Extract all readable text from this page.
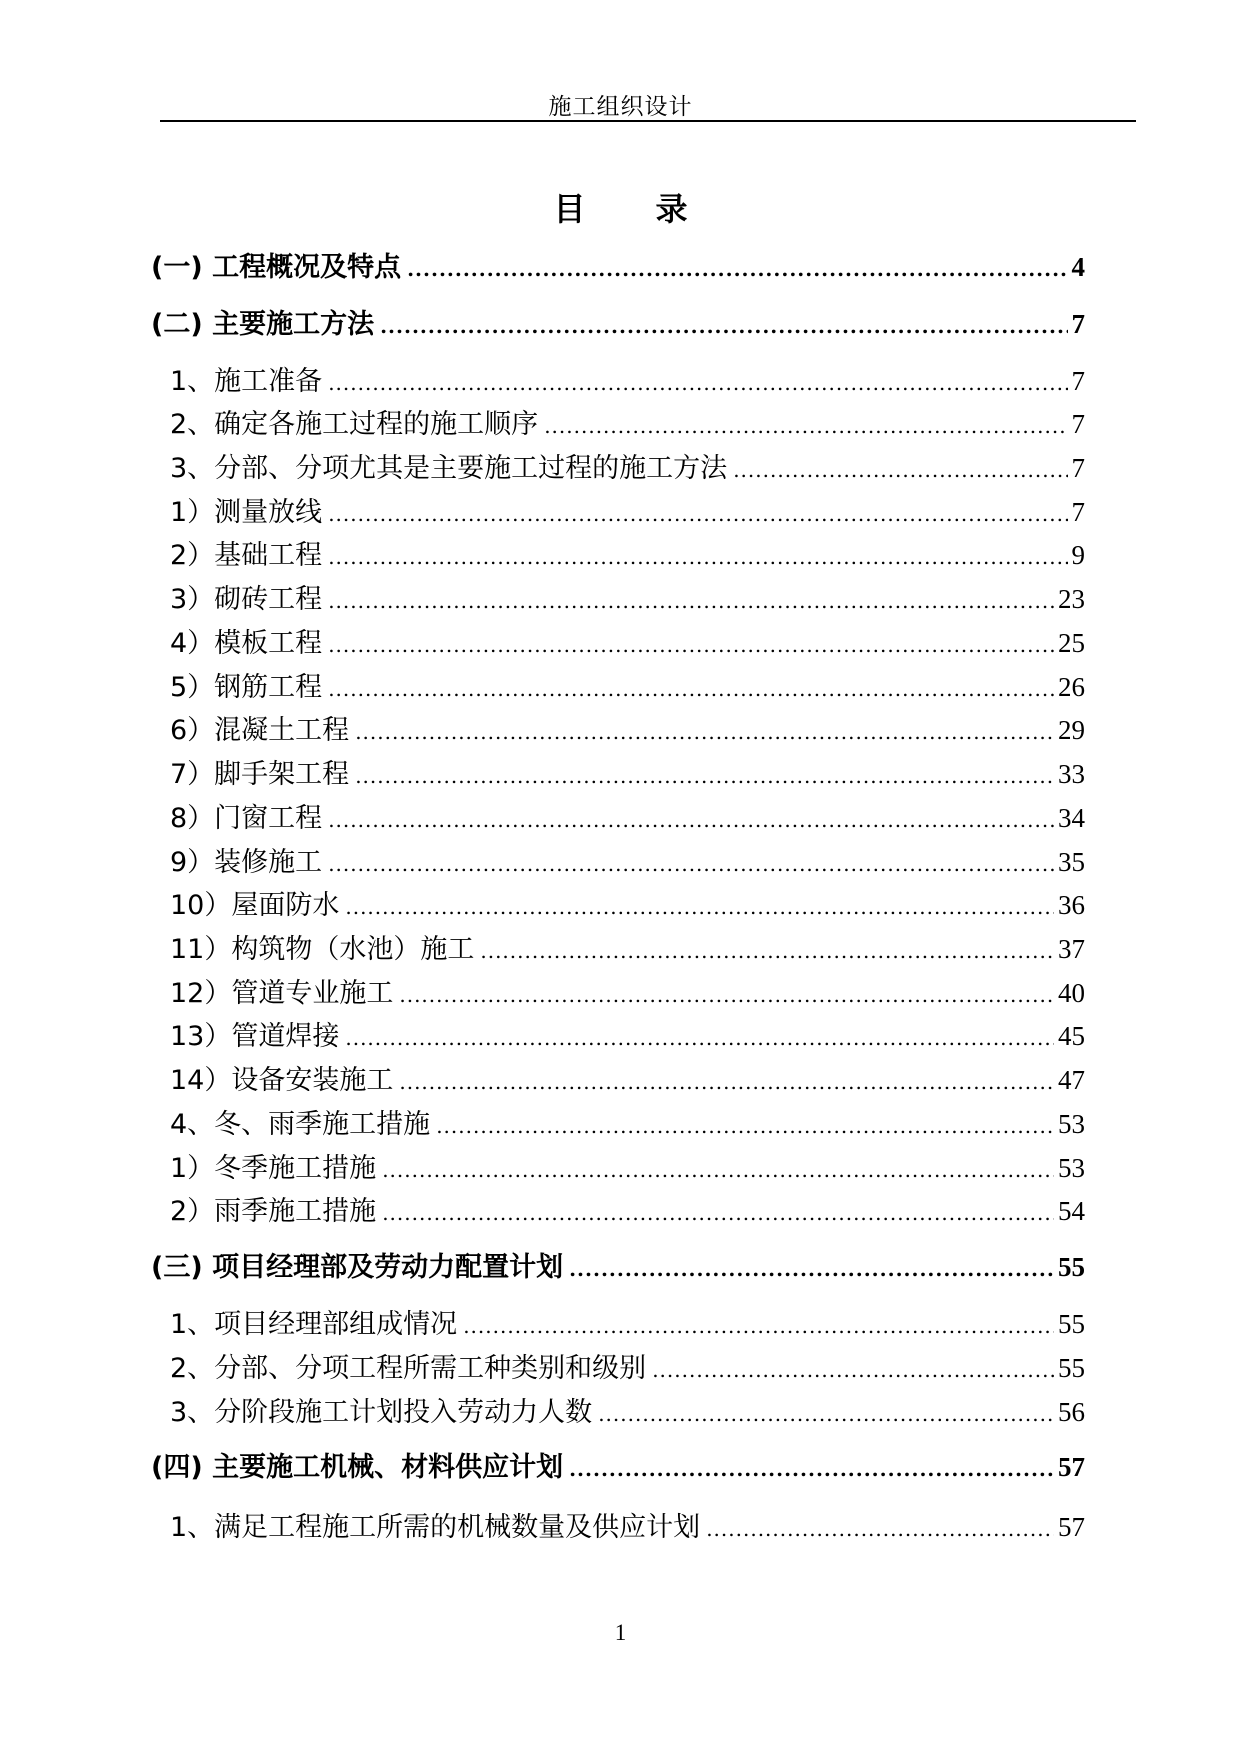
施工组织设计
目 录
(一) 工程概况及特点 .....	4
(二) 主要施工方法 .....	7
1、施工准备 .....	7
2、确定各施工过程的施工顺序 .....	7
3、分部、分项尤其是主要施工过程的施工方法 .....	7
1）测量放线 .....	7
2）基础工程 .....	9
3）砌砖工程 .....	23
4）模板工程 .....	25
5）钢筋工程 .....	26
6）混凝土工程 .....	29
7）脚手架工程 .....	33
8）门窗工程 .....	34
9）装修施工 .....	35
10）屋面防水 .....	36
11）构筑物（水池）施工 .....	37
12）管道专业施工 .....	40
13）管道焊接 .....	45
14）设备安装施工 .....	47
4、冬、雨季施工措施 .....	53
1）冬季施工措施 .....	53
2）雨季施工措施 .....	54
(三) 项目经理部及劳动力配置计划 .....	55
1、项目经理部组成情况 .....	55
2、分部、分项工程所需工种类别和级别 .....	55
3、分阶段施工计划投入劳动力人数 .....	56
(四) 主要施工机械、材料供应计划 .....	57
1、满足工程施工所需的机械数量及供应计划 .....	57
1
